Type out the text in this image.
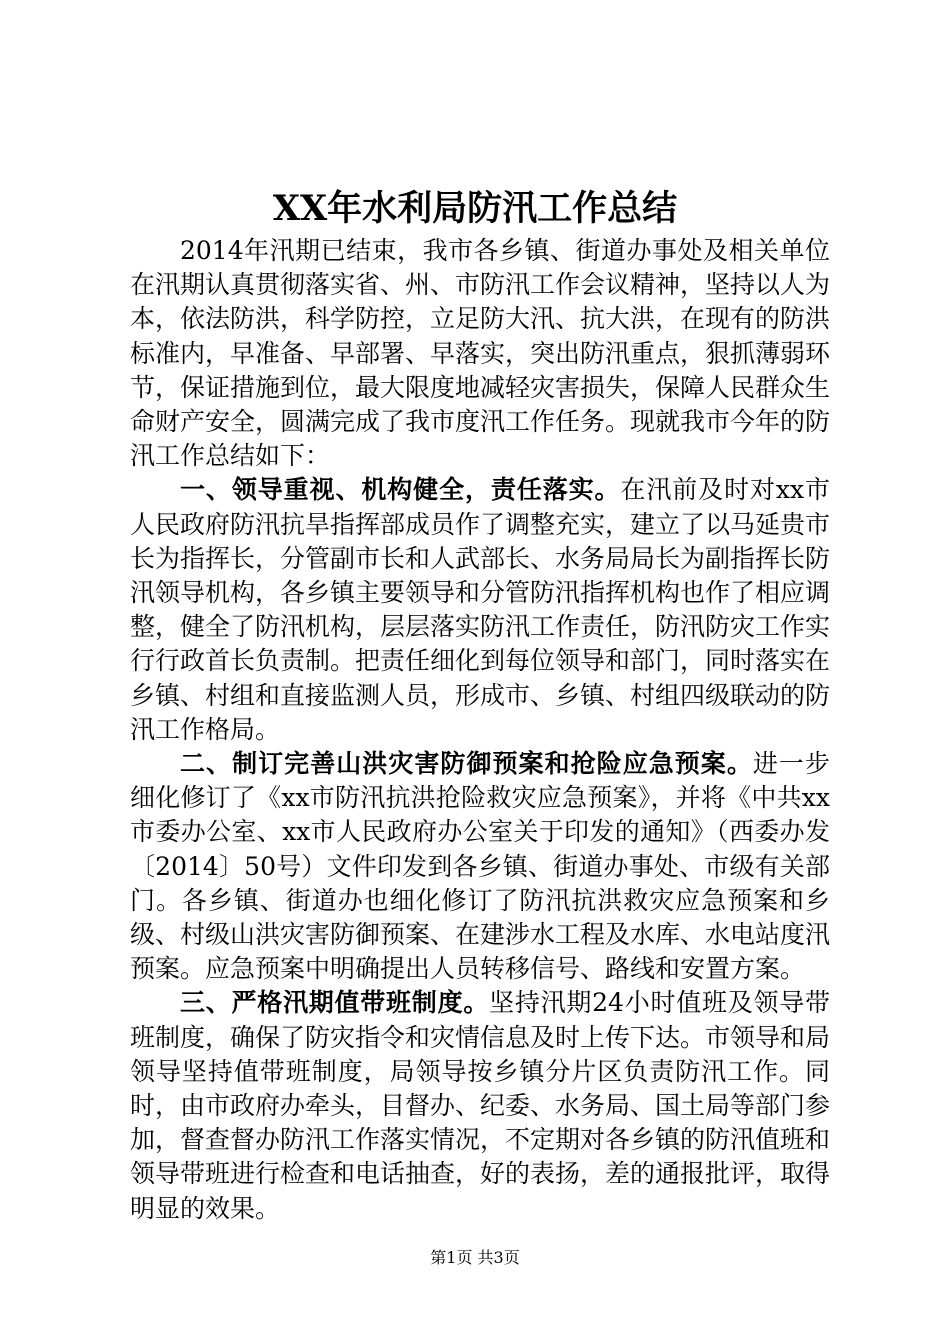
XX年水利局防汛工作总结

2014年汛期已结束，我市各乡镇、街道办事处及相关单位在汛期认真贯彻落实省、州、市防汛工作会议精神，坚持以人为本，依法防洪，科学防控，立足防大汛、抗大洪，在现有的防洪标准内，早准备、早部署、早落实，突出防汛重点，狠抓薄弱环节，保证措施到位，最大限度地减轻灾害损失，保障人民群众生命财产安全，圆满完成了我市度汛工作任务。现就我市今年的防汛工作总结如下：

一、领导重视、机构健全，责任落实。在汛前及时对xx市人民政府防汛抗旱指挥部成员作了调整充实，建立了以马延贵市长为指挥长，分管副市长和人武部长、水务局局长为副指挥长防汛领导机构，各乡镇主要领导和分管防汛指挥机构也作了相应调整，健全了防汛机构，层层落实防汛工作责任，防汛防灾工作实行行政首长负责制。把责任细化到每位领导和部门，同时落实在乡镇、村组和直接监测人员，形成市、乡镇、村组四级联动的防汛工作格局。

二、制订完善山洪灾害防御预案和抢险应急预案。进一步细化修订了《xx市防汛抗洪抢险救灾应急预案》，并将《中共xx市委办公室、xx市人民政府办公室关于印发的通知》（西委办发〔2014〕50号）文件印发到各乡镇、街道办事处、市级有关部门。各乡镇、街道办也细化修订了防汛抗洪救灾应急预案和乡级、村级山洪灾害防御预案、在建涉水工程及水库、水电站度汛预案。应急预案中明确提出人员转移信号、路线和安置方案。

三、严格汛期值带班制度。坚持汛期24小时值班及领导带班制度，确保了防灾指令和灾情信息及时上传下达。市领导和局领导坚持值带班制度，局领导按乡镇分片区负责防汛工作。同时，由市政府办牵头，目督办、纪委、水务局、国土局等部门参加，督查督办防汛工作落实情况，不定期对各乡镇的防汛值班和领导带班进行检查和电话抽查，好的表扬，差的通报批评，取得明显的效果。

第1页 共3页
